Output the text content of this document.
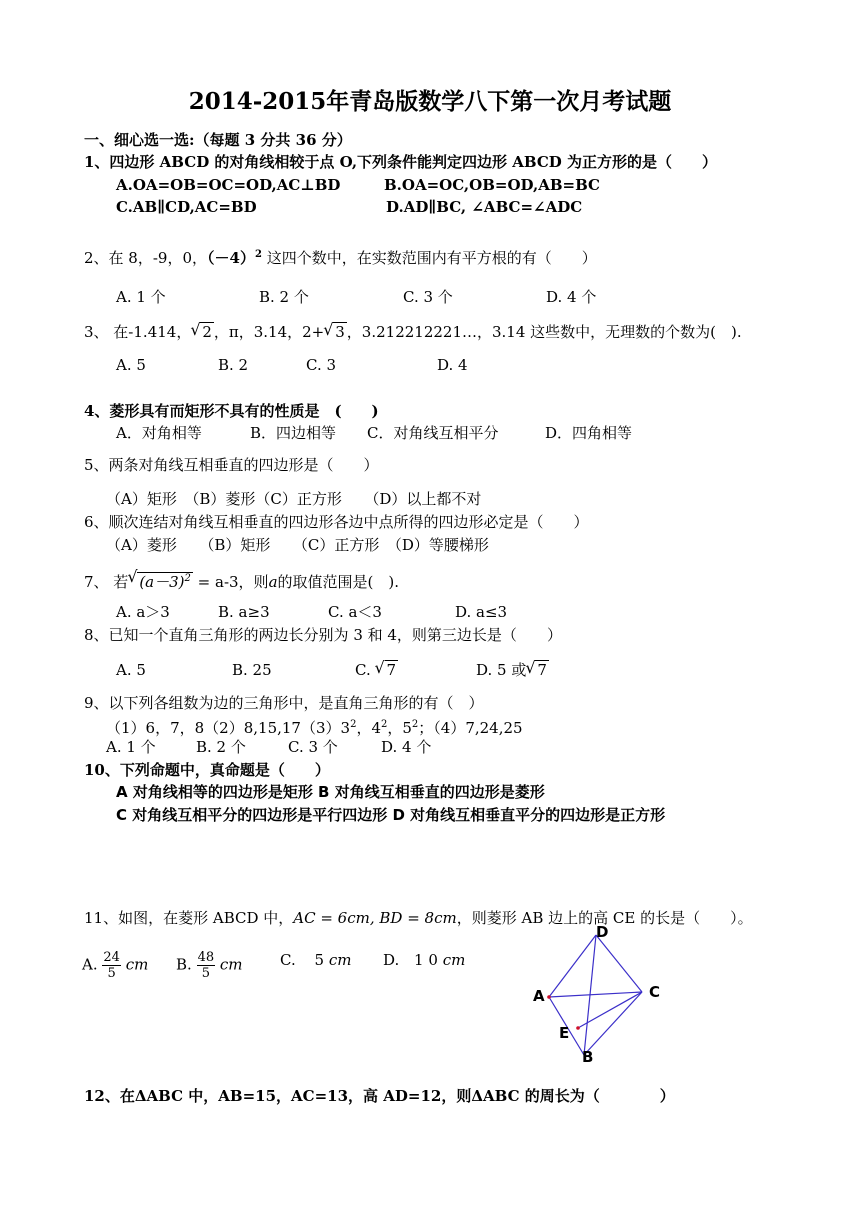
2014-2015年青岛版数学八下第一次月考试题
一、细心选一选:（每题 3 分共 36 分）
1、四边形 ABCD 的对角线相较于点 O,下列条件能判定四边形 ABCD 为正方形的是（　　）
A.OA=OB=OC=OD,AC⊥BD	B.OA=OC,OB=OD,AB=BC
C.AB∥CD,AC=BD	D.AD∥BC, ∠ABC=∠ADC
2、在 8，-9，0，$(-4)^2$ 这四个数中，在实数范围内有平方根的有（　　）
A. 1 个	B. 2 个	C. 3 个	D. 4 个
3、 在-1.414， √ 2 ，π，3.14，2+ √ 3 ，3.212212221…，3.14 这些数中，无理数的个数为(　).
A. 5	B. 2	C. 3	D. 4
4、菱形具有而矩形不具有的性质是　(　　)
A．对角相等	B．四边相等 C．对角线互相平分	D．四角相等
5、两条对角线互相垂直的四边形是（　　）
（A）矩形　（B）菱形（C）正方形　　（D）以上都不对
6、顺次连结对角线互相垂直的四边形各边中点所得的四边形必定是（　　）
（A）菱形　　（B）矩形　　（C）正方形　（D）等腰梯形
7、 若 √ $(a-3)^2 = a-3$，则a的取值范围是(　).
A. a＞3	B. a≥3	C. a＜3	D. a≤3
8、已知一个直角三角形的两边长分别为 3 和 4，则第三边长是（　　）
A. 5	B. 25	C. √ 7	D. 5 或 √ 7
9、以下列各组数为边的三角形中，是直角三角形的有（　）
（1）6，7，$8(2)8,15,17(3)3^2$，$4^2$，$5^2$；（4）7,24,25
A. 1 个	B. 2 个	C. 3 个	D. 4 个
10、下列命题中，真命题是（　　）
A 对角线相等的四边形是矩形 B 对角线互相垂直的四边形是菱形
C 对角线互相平分的四边形是平行四边形 D 对角线互相垂直平分的四边形是正方形
11、如图，在菱形 ABCD 中，AC = 6cm, BD = 8cm，则菱形 AB 边上的高 CE 的长是（　　）。
A. $\frac{24}{5}$ cm B. $\frac{48}{5}$ cm C. 5 cm D. 1 0 cm
D
A	C
E
B
12、在ΔABC 中，AB=15，AC=13，高 AD=12，则ΔABC 的周长为（　　　　）
